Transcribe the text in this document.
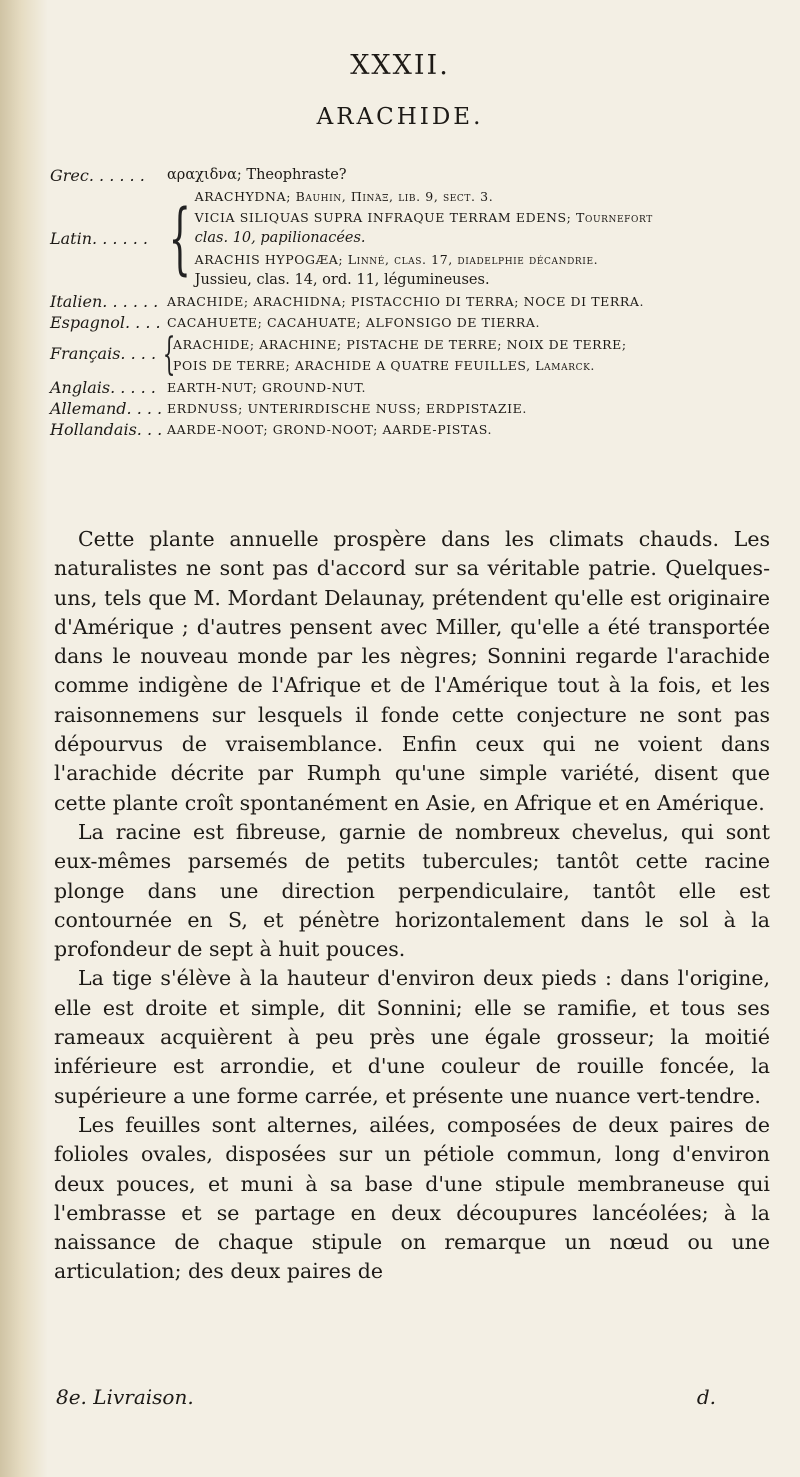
XXXII.
ARACHIDE.
Grec. . . . . .	αραχιδνα; Theophraste?
Latin. . . . . . { ARACHYDNA; Bauhin, Πινάξ, lib. 9, sect. 3.
VICIA SILIQUAS SUPRA INFRAQUE TERRAM EDENS; Tournefort
clas. 10, papilionacées.
ARACHIS HYPOGÆA; Linné, clas. 17, diadelphie décandrie.
Jussieu, clas. 14, ord. 11, légumineuses.
Italien. . . . . . ARACHIDE; ARACHIDNA; PISTACCHIO DI TERRA; NOCE DI TERRA.
Espagnol. . . . CACAHUETE; CACAHUATE; ALFONSIGO DE TIERRA.
Français. . . . {
ARACHIDE; ARACHINE; PISTACHE DE TERRE; NOIX DE TERRE;
POIS DE TERRE; ARACHIDE A QUATRE FEUILLES, Lamarck.
Anglais. . . . . EARTH-NUT; GROUND-NUT.
Allemand. . . . ERDNUSS; UNTERIRDISCHE NUSS; ERDPISTAZIE.
Hollandais. . . AARDE-NOOT; GROND-NOOT; AARDE-PISTAS.

Cette plante annuelle prospère dans les climats chauds. Les naturalistes ne sont pas d'accord sur sa véritable patrie. Quelques-uns, tels que M. Mordant Delaunay, prétendent qu'elle est originaire d'Amérique ; d'autres pensent avec Miller, qu'elle a été transportée dans le nouveau monde par les nègres; Sonnini regarde l'arachide comme indigène de l'Afrique et de l'Amérique tout à la fois, et les raisonnemens sur lesquels il fonde cette conjecture ne sont pas dépourvus de vraisemblance. Enfin ceux qui ne voient dans l'arachide décrite par Rumph qu'une simple variété, disent que cette plante croît spontanément en Asie, en Afrique et en Amérique.

La racine est fibreuse, garnie de nombreux chevelus, qui sont eux-mêmes parsemés de petits tubercules; tantôt cette racine plonge dans une direction perpendiculaire, tantôt elle est contournée en S, et pénètre horizontalement dans le sol à la profondeur de sept à huit pouces.

La tige s'élève à la hauteur d'environ deux pieds : dans l'origine, elle est droite et simple, dit Sonnini; elle se ramifie, et tous ses rameaux acquièrent à peu près une égale grosseur; la moitié inférieure est arrondie, et d'une couleur de rouille foncée, la supérieure a une forme carrée, et présente une nuance vert-tendre.

Les feuilles sont alternes, ailées, composées de deux paires de folioles ovales, disposées sur un pétiole commun, long d'environ deux pouces, et muni à sa base d'une stipule membraneuse qui l'embrasse et se partage en deux découpures lancéolées; à la naissance de chaque stipule on remarque un nœud ou une articulation; des deux paires de

8e. Livraison.	d.
